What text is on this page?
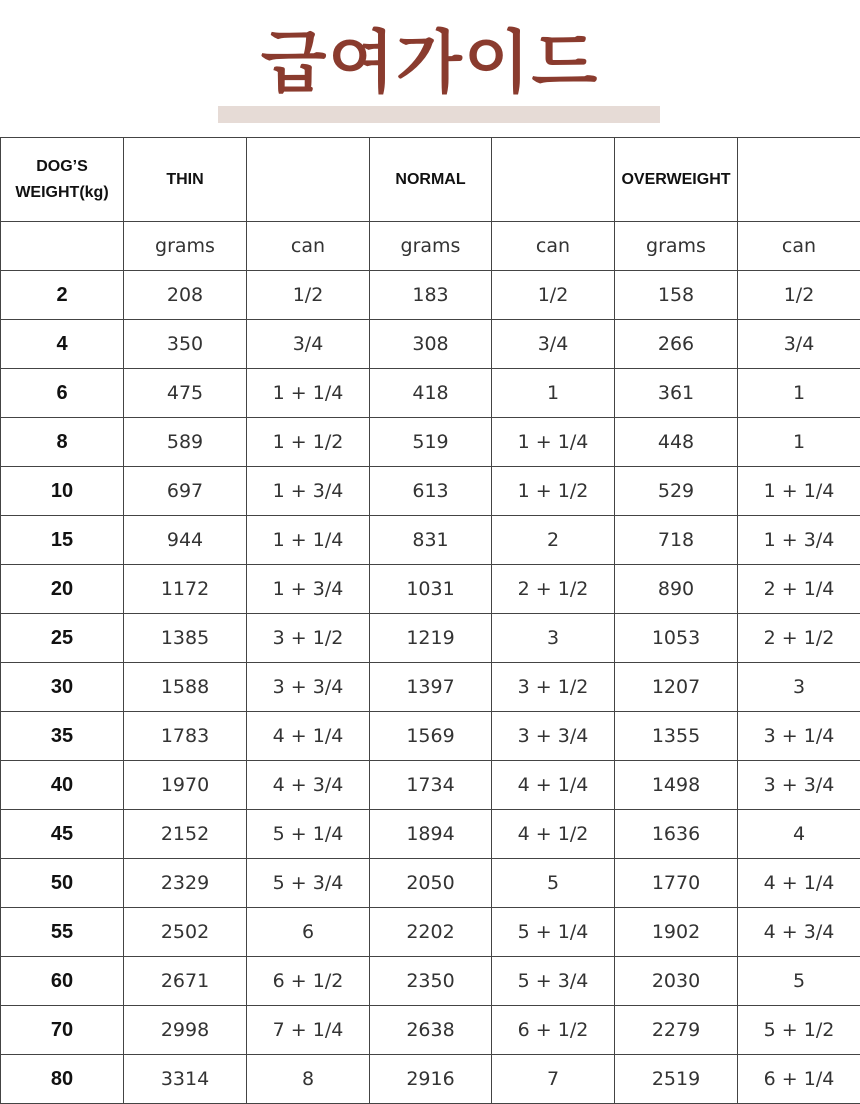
급여가이드
DOG’S WEIGHT(kg)	THIN		NORMAL		OVERWEIGHT	
	grams	can	grams	can	grams	can
2	208	1/2	183	1/2	158	1/2
4	350	3/4	308	3/4	266	3/4
6	475	1 + 1/4	418	1	361	1
8	589	1 + 1/2	519	1 + 1/4	448	1
10	697	1 + 3/4	613	1 + 1/2	529	1 + 1/4
15	944	1 + 1/4	831	2	718	1 + 3/4
20	1172	1 + 3/4	1031	2 + 1/2	890	2 + 1/4
25	1385	3 + 1/2	1219	3	1053	2 + 1/2
30	1588	3 + 3/4	1397	3 + 1/2	1207	3
35	1783	4 + 1/4	1569	3 + 3/4	1355	3 + 1/4
40	1970	4 + 3/4	1734	4 + 1/4	1498	3 + 3/4
45	2152	5 + 1/4	1894	4 + 1/2	1636	4
50	2329	5 + 3/4	2050	5	1770	4 + 1/4
55	2502	6	2202	5 + 1/4	1902	4 + 3/4
60	2671	6 + 1/2	2350	5 + 3/4	2030	5
70	2998	7 + 1/4	2638	6 + 1/2	2279	5 + 1/2
80	3314	8	2916	7	2519	6 + 1/4
